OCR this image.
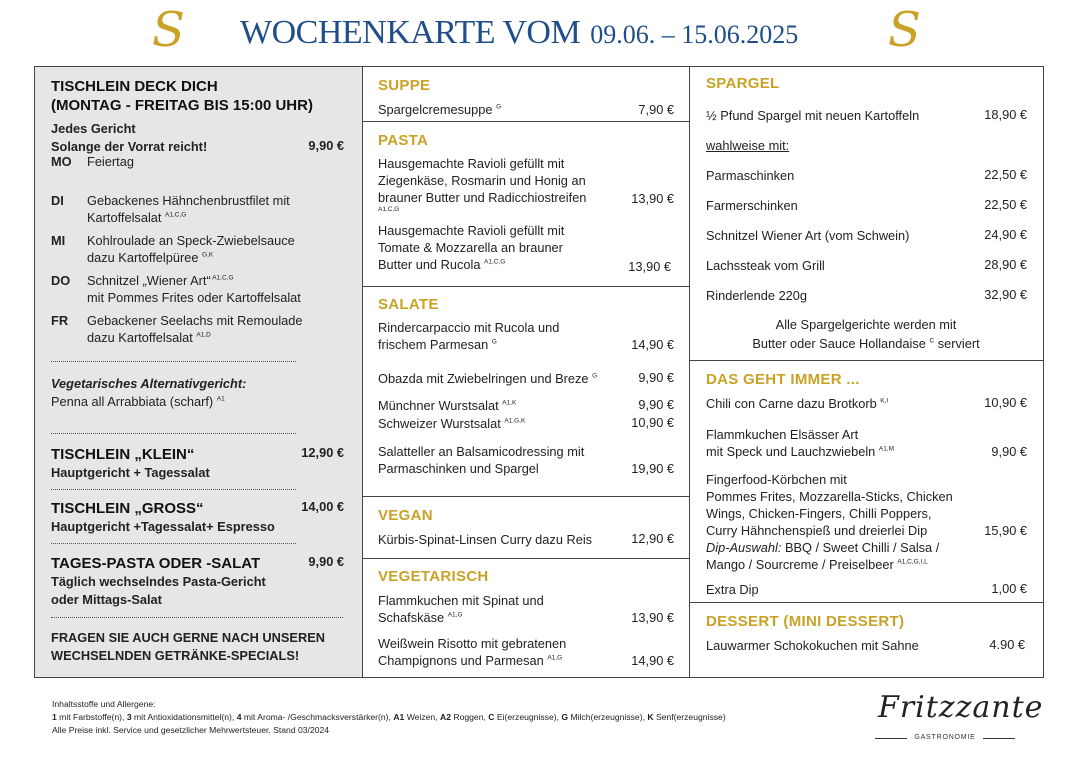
S WOCHENKARTE VOM 09.06. – 15.06.2025 S
TISCHLEIN DECK DICH
(MONTAG - FREITAG BIS 15:00 UHR)
Jedes Gericht
Solange der Vorrat reicht!	9,90 €
MO Feiertag
DI Gebackenes Hähnchenbrustfilet mit
Kartoffelsalat $^{A1,C,G}$
MI Kohlroulade an Speck-Zwiebelsauce
dazu Kartoffelpüree $^{G,K}$
DO Schnitzel „Wiener Art“ $^{A1,C,G}$
mit Pommes Frites oder Kartoffelsalat
FR Gebackener Seelachs mit Remoulade
dazu Kartoffelsalat $^{A1,D}$
Vegetarisches Alternativgericht:
Penna all Arrabbiata (scharf) $^{A1}$
TISCHLEIN „KLEIN“	12,90 €
Hauptgericht + Tagessalat
TISCHLEIN „GROSS“	14,00 €
Hauptgericht +Tagessalat+ Espresso
TAGES-PASTA ODER -SALAT	9,90 €
Täglich wechselndes Pasta-Gericht
oder Mittags-Salat
FRAGEN SIE AUCH GERNE NACH UNSEREN
WECHSELNDEN GETRÄNKE-SPECIALS!
SUPPE
Spargelcremesuppe $^G$	7,90 €
PASTA
Hausgemachte Ravioli gefüllt mit
Ziegenkäse, Rosmarin und Honig an
brauner Butter und Radicchiostreifen
A1,C,G
13,90 €
Hausgemachte Ravioli gefüllt mit
Tomate & Mozzarella an brauner
Butter und Rucola $^{A1,C,G}$	13,90 €
SALATE
Rindercarpaccio mit Rucola und
frischem Parmesan $^G$	14,90 €
Obazda mit Zwiebelringen und Breze $^G$	9,90 €
Münchner Wurstsalat $^{A1,K}$	9,90 €
Schweizer Wurstsalat $^{A1,G,K}$	10,90 €
Salatteller an Balsamicodressing mit
Parmaschinken und Spargel	19,90 €
VEGAN
Kürbis-Spinat-Linsen Curry dazu Reis	12,90 €
VEGETARISCH
Flammkuchen mit Spinat und
Schafskäse $^{A1,G}$	13,90 €
Weißwein Risotto mit gebratenen
Champignons und Parmesan $^{A1,G}$	14,90 €
SPARGEL
½ Pfund Spargel mit neuen Kartoffeln	18,90 €
wahlweise mit:
Parmaschinken	22,50 €
Farmerschinken	22,50 €
Schnitzel Wiener Art (vom Schwein)	24,90 €
Lachssteak vom Grill	28,90 €
Rinderlende 220g	32,90 €
Alle Spargelgerichte werden mit
Butter oder Sauce Hollandaise $^C$ serviert
DAS GEHT IMMER ...
Chili con Carne dazu Brotkorb $^{K,I}$	10,90 €
Flammkuchen Elsässer Art
mit Speck und Lauchzwiebeln $^{A1,M}$	9,90 €
Fingerfood-Körbchen mit
Pommes Frites, Mozzarella-Sticks, Chicken
Wings, Chicken-Fingers, Chilli Poppers,
Curry Hähnchenspieß und dreierlei Dip
Dip-Auswahl: BBQ / Sweet Chilli / Salsa /
Mango / Sourcreme / Preiselbeer $^{A1,C,G,I,L}$
15,90 €
Extra Dip	1,00 €
DESSERT (MINI DESSERT)
Lauwarmer Schokokuchen mit Sahne	4.90 €
Inhaltsstoffe und Allergene:
1 mit Farbstoffe(n), 3 mit Antioxidationsmittel(n), 4 mit Aroma- /Geschmacksverstärker(n), A1 Weizen, A2 Roggen, C Ei(erzeugnisse), G Milch(erzeugnisse), K Senf(erzeugnisse)
Alle Preise inkl. Service und gesetzlicher Mehrwertsteuer. Stand 03/2024
Fritzzante
GASTRONOMIE
